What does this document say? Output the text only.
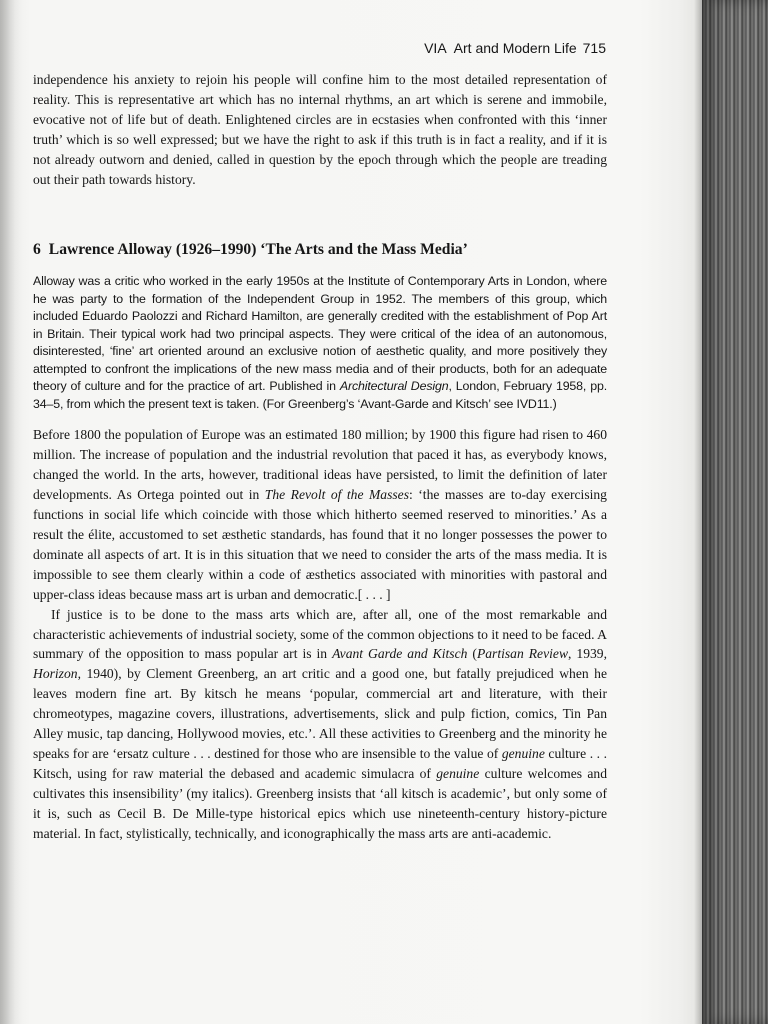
VIA Art and Modern Life 715

independence his anxiety to rejoin his people will confine him to the most detailed representation of reality. This is representative art which has no internal rhythms, an art which is serene and immobile, evocative not of life but of death. Enlightened circles are in ecstasies when confronted with this ‘inner truth’ which is so well expressed; but we have the right to ask if this truth is in fact a reality, and if it is not already outworn and denied, called in question by the epoch through which the people are treading out their path towards history.

6 Lawrence Alloway (1926–1990) ‘The Arts and the Mass Media’

Alloway was a critic who worked in the early 1950s at the Institute of Contemporary Arts in London, where he was party to the formation of the Independent Group in 1952. The members of this group, which included Eduardo Paolozzi and Richard Hamilton, are generally credited with the establishment of Pop Art in Britain. Their typical work had two principal aspects. They were critical of the idea of an autonomous, disinterested, ‘fine’ art oriented around an exclusive notion of aesthetic quality, and more positively they attempted to confront the implications of the new mass media and of their products, both for an adequate theory of culture and for the practice of art. Published in Architectural Design, London, February 1958, pp. 34–5, from which the present text is taken. (For Greenberg’s ‘Avant-Garde and Kitsch’ see IVD11.)

Before 1800 the population of Europe was an estimated 180 million; by 1900 this figure had risen to 460 million. The increase of population and the industrial revolution that paced it has, as everybody knows, changed the world. In the arts, however, traditional ideas have persisted, to limit the definition of later developments. As Ortega pointed out in The Revolt of the Masses: ‘the masses are to-day exercising functions in social life which coincide with those which hitherto seemed reserved to minorities.’ As a result the élite, accustomed to set æsthetic standards, has found that it no longer possesses the power to dominate all aspects of art. It is in this situation that we need to consider the arts of the mass media. It is impossible to see them clearly within a code of æsthetics associated with minorities with pastoral and upper-class ideas because mass art is urban and democratic.[ . . . ]

If justice is to be done to the mass arts which are, after all, one of the most remarkable and characteristic achievements of industrial society, some of the common objections to it need to be faced. A summary of the opposition to mass popular art is in Avant Garde and Kitsch (Partisan Review, 1939, Horizon, 1940), by Clement Greenberg, an art critic and a good one, but fatally prejudiced when he leaves modern fine art. By kitsch he means ‘popular, commercial art and literature, with their chromeotypes, magazine covers, illustrations, advertisements, slick and pulp fiction, comics, Tin Pan Alley music, tap dancing, Hollywood movies, etc.’. All these activities to Greenberg and the minority he speaks for are ‘ersatz culture . . . destined for those who are insensible to the value of genuine culture . . . Kitsch, using for raw material the debased and academic simulacra of genuine culture welcomes and cultivates this insensibility’ (my italics). Greenberg insists that ‘all kitsch is academic’, but only some of it is, such as Cecil B. De Mille-type historical epics which use nineteenth-century history-picture material. In fact, stylistically, technically, and iconographically the mass arts are anti-academic.
